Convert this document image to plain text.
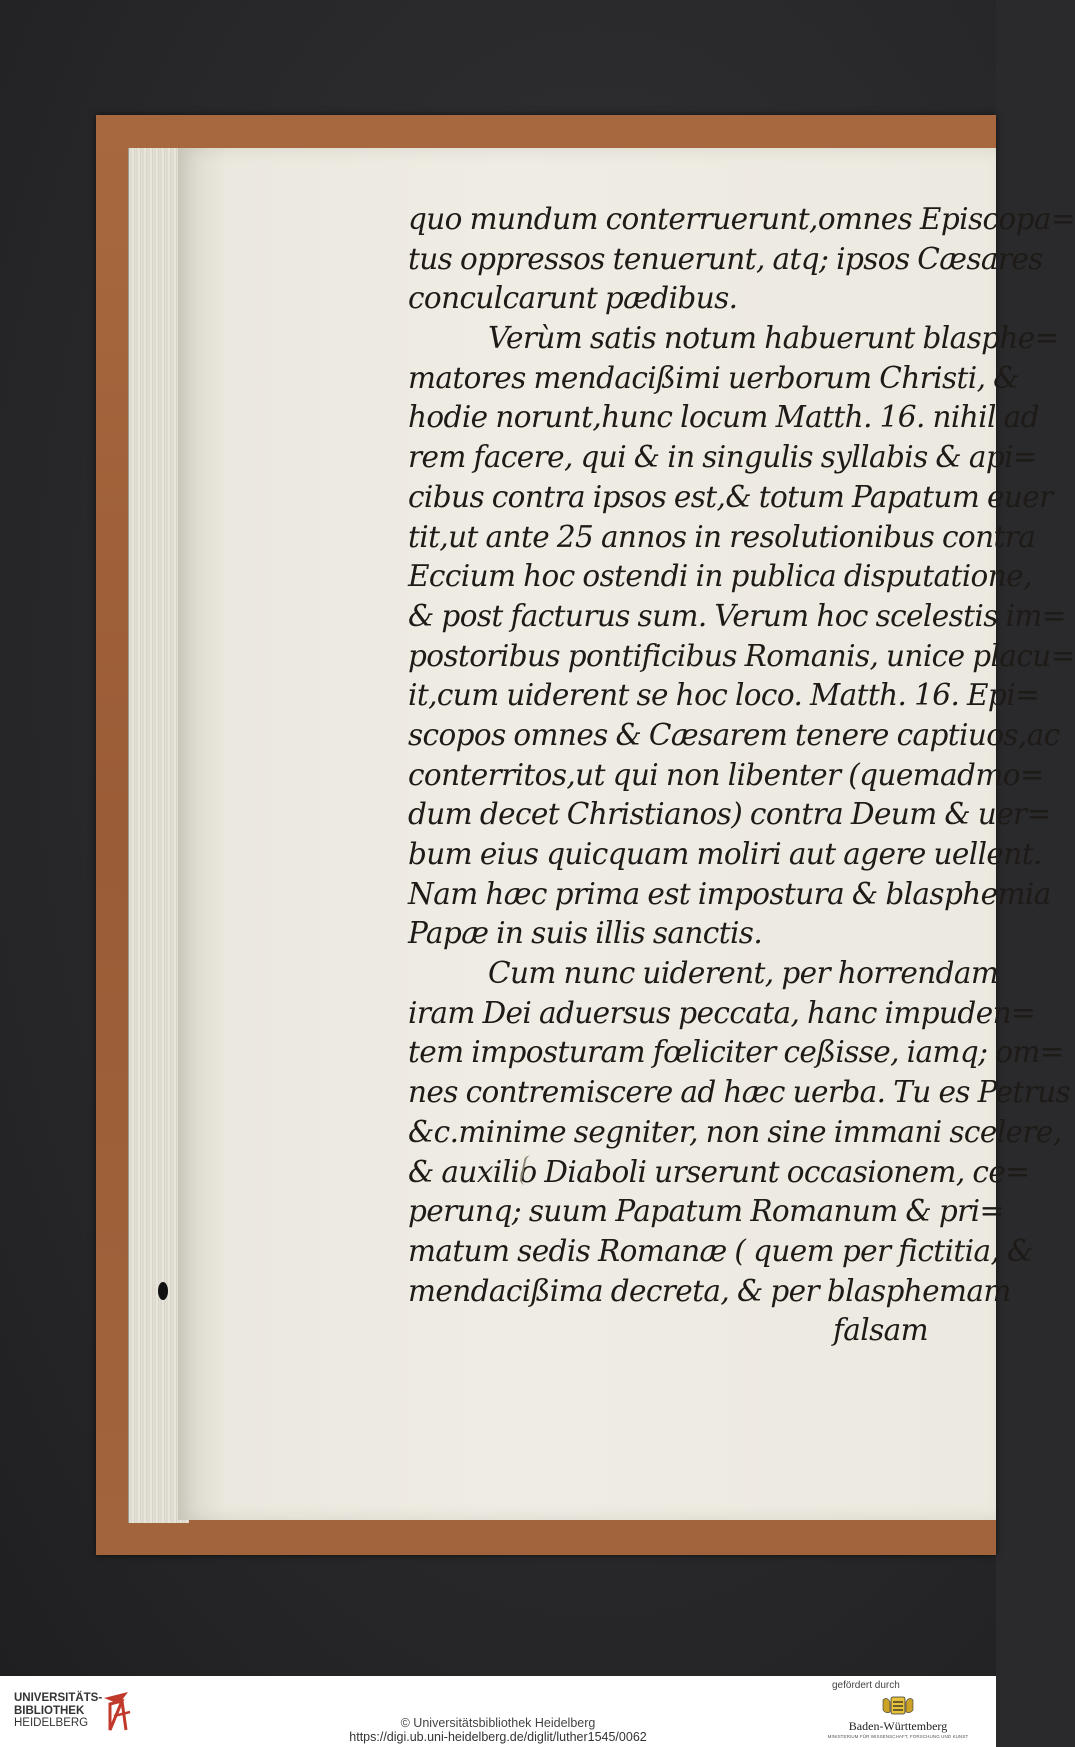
quo mundum conterruerunt,omnes Episcopa=
tus oppressos tenuerunt, atq; ipsos Cæsares
conculcarunt pædibus.
Verùm satis notum habuerunt blasphe=
matores mendacißimi uerborum Christi, &
hodie norunt,hunc locum Matth. 16. nihil ad
rem facere, qui & in singulis syllabis & api=
cibus contra ipsos est,& totum Papatum euer
tit,ut ante 25 annos in resolutionibus contra
Eccium hoc ostendi in publica disputatione,
& post facturus sum. Verum hoc scelestis im=
postoribus pontificibus Romanis, unice placu=
it,cum uiderent se hoc loco. Matth. 16. Epi=
scopos omnes & Cæsarem tenere captiuos,ac
conterritos,ut qui non libenter (quemadmo=
dum decet Christianos) contra Deum & uer=
bum eius quicquam moliri aut agere uellent.
Nam hæc prima est impostura & blasphemia
Papæ in suis illis sanctis.
Cum nunc uiderent, per horrendam
iram Dei aduersus peccata, hanc impuden=
tem imposturam fœliciter ceßisse, iamq; om=
nes contremiscere ad hæc uerba. Tu es Petrus
&c.minime segniter, non sine immani scelere,
& auxilio Diaboli urserunt occasionem, ce=
perunq; suum Papatum Romanum & pri=
matum sedis Romanæ ( quem per fictitia, &
mendacißima decreta, & per blasphemam
falsam
UNIVERSITÄTS-
BIBLIOTHEK
HEIDELBERG	© Universitätsbibliothek Heidelberg
https://digi.ub.uni-heidelberg.de/diglit/luther1545/0062
gefördert durch
Baden-Württemberg
MINISTERIUM FÜR WISSENSCHAFT, FORSCHUNG UND KUNST
